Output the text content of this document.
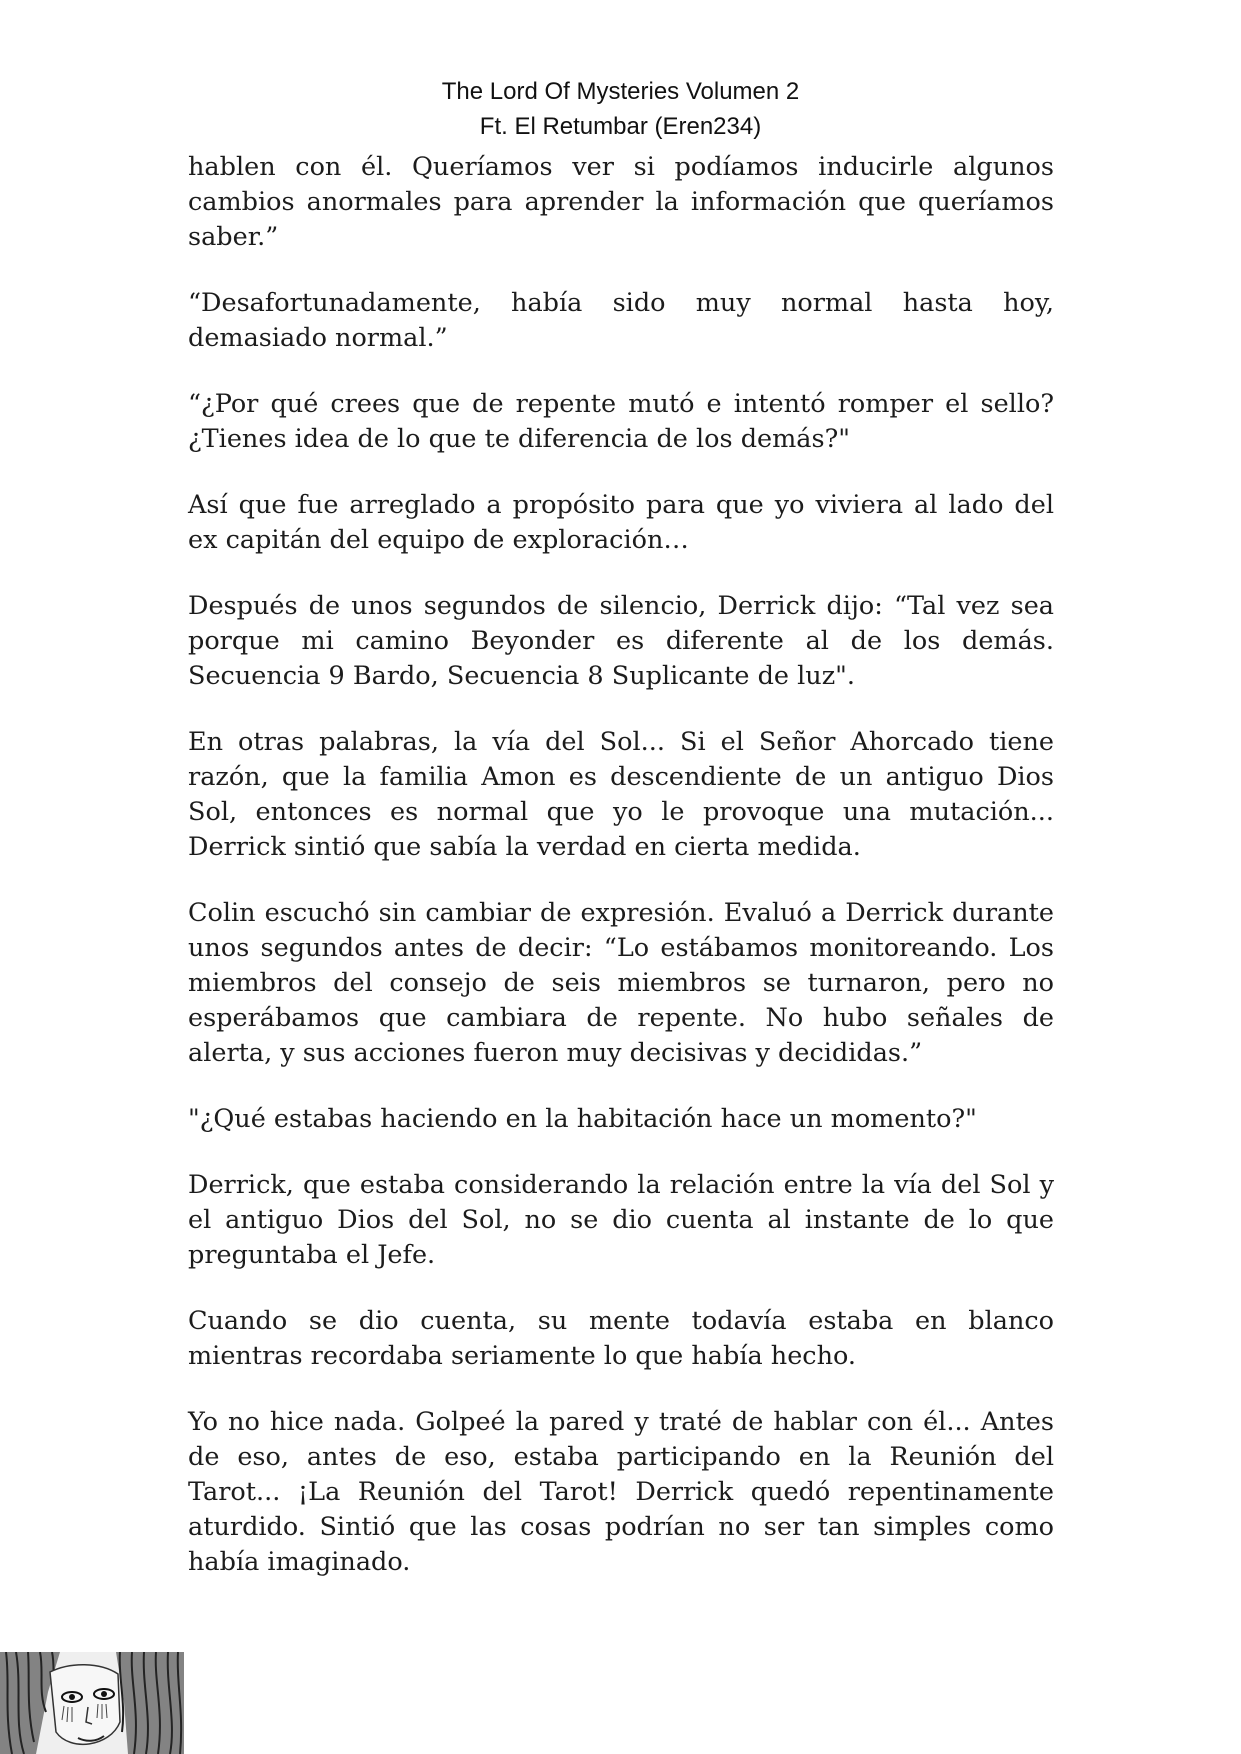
The Lord Of Mysteries Volumen 2
Ft. El Retumbar (Eren234)

hablen con él. Queríamos ver si podíamos inducirle algunos cambios anormales para aprender la información que queríamos saber.”

“Desafortunadamente, había sido muy normal hasta hoy, demasiado normal.”

“¿Por qué crees que de repente mutó e intentó romper el sello? ¿Tienes idea de lo que te diferencia de los demás?"

Así que fue arreglado a propósito para que yo viviera al lado del ex capitán del equipo de exploración…

Después de unos segundos de silencio, Derrick dijo: “Tal vez sea porque mi camino Beyonder es diferente al de los demás. Secuencia 9 Bardo, Secuencia 8 Suplicante de luz".

En otras palabras, la vía del Sol... Si el Señor Ahorcado tiene razón, que la familia Amon es descendiente de un antiguo Dios Sol, entonces es normal que yo le provoque una mutación... Derrick sintió que sabía la verdad en cierta medida.

Colin escuchó sin cambiar de expresión. Evaluó a Derrick durante unos segundos antes de decir: “Lo estábamos monitoreando. Los miembros del consejo de seis miembros se turnaron, pero no esperábamos que cambiara de repente. No hubo señales de alerta, y sus acciones fueron muy decisivas y decididas.”

"¿Qué estabas haciendo en la habitación hace un momento?"

Derrick, que estaba considerando la relación entre la vía del Sol y el antiguo Dios del Sol, no se dio cuenta al instante de lo que preguntaba el Jefe.

Cuando se dio cuenta, su mente todavía estaba en blanco mientras recordaba seriamente lo que había hecho.

Yo no hice nada. Golpeé la pared y traté de hablar con él... Antes de eso, antes de eso, estaba participando en la Reunión del Tarot... ¡La Reunión del Tarot! Derrick quedó repentinamente aturdido. Sintió que las cosas podrían no ser tan simples como había imaginado.
